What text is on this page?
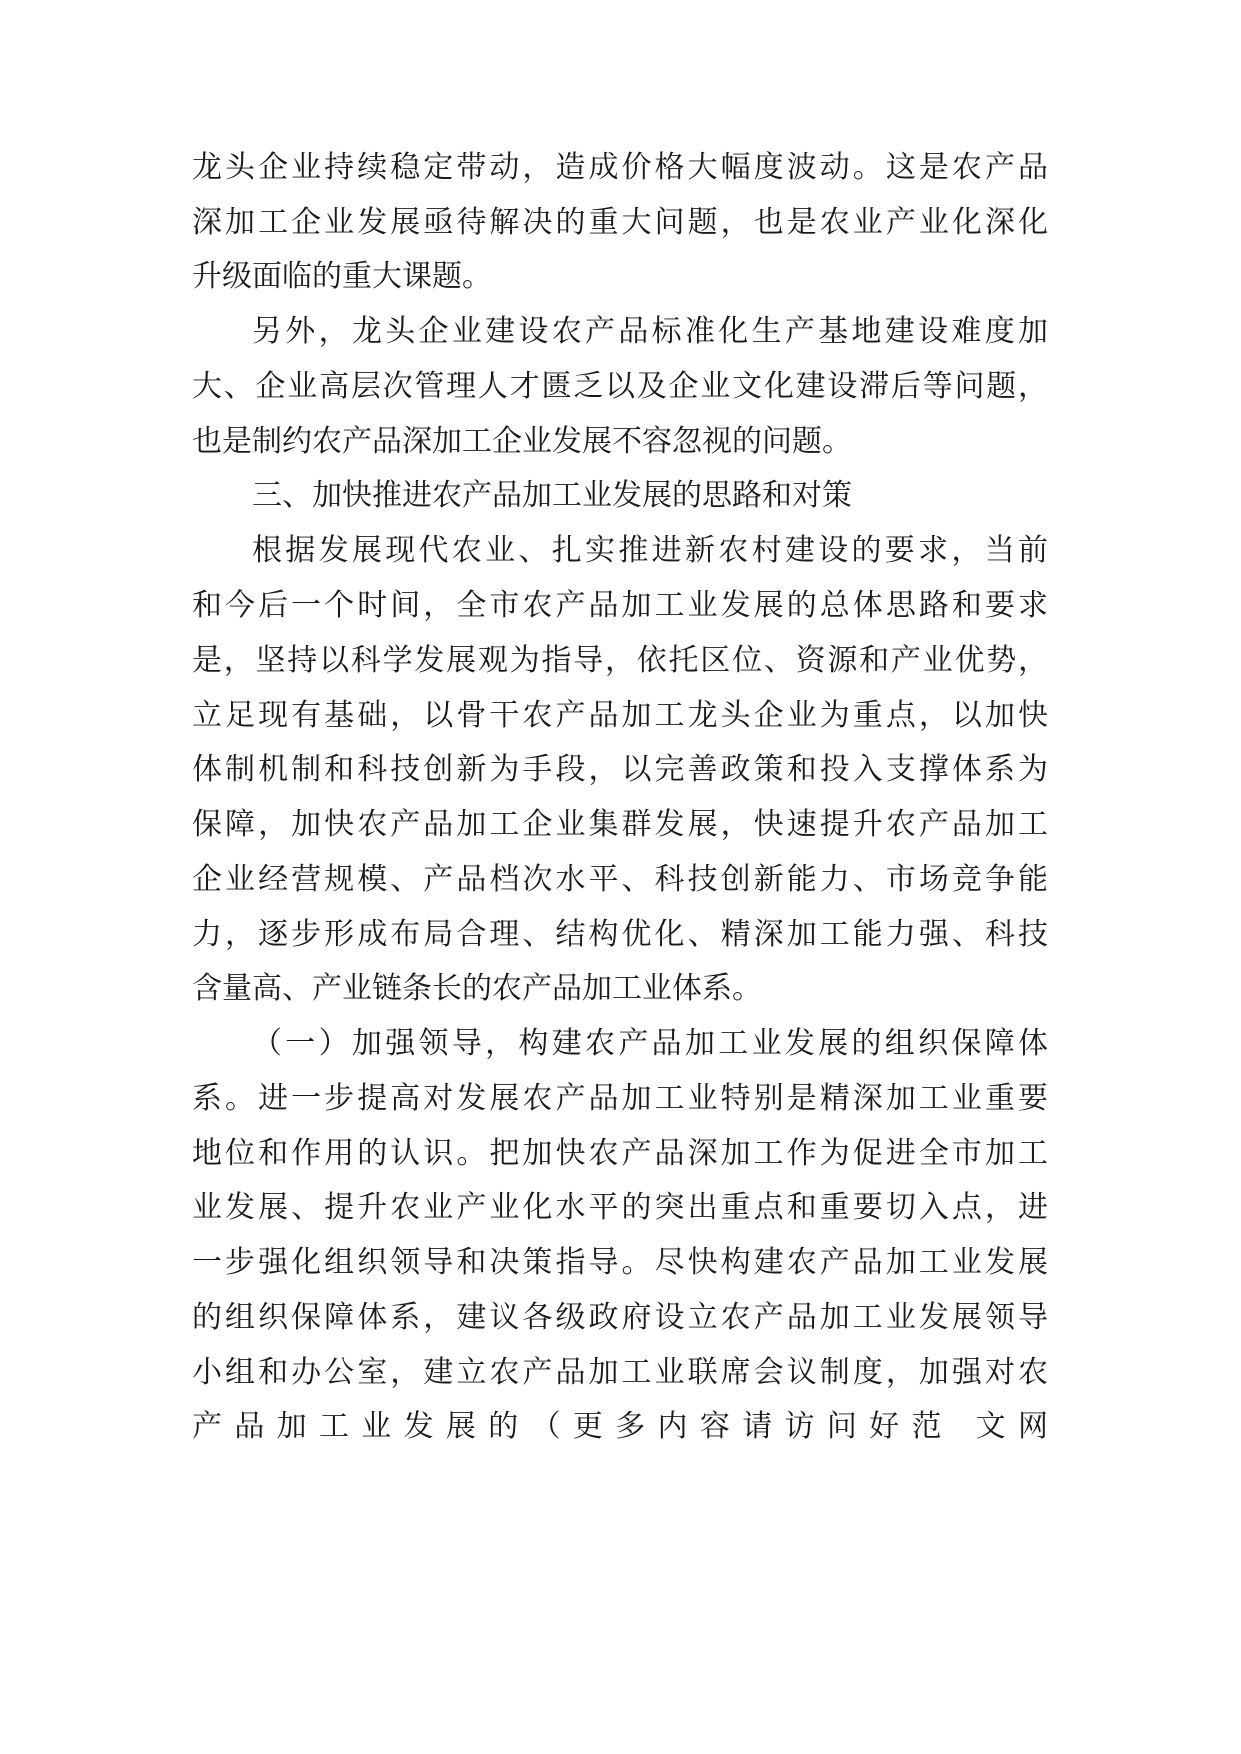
龙头企业持续稳定带动，造成价格大幅度波动。这是农产品
深加工企业发展亟待解决的重大问题，也是农业产业化深化
升级面临的重大课题。
另外，龙头企业建设农产品标准化生产基地建设难度加
大、企业高层次管理人才匮乏以及企业文化建设滞后等问题，
也是制约农产品深加工企业发展不容忽视的问题。
三、加快推进农产品加工业发展的思路和对策
根据发展现代农业、扎实推进新农村建设的要求，当前
和今后一个时间，全市农产品加工业发展的总体思路和要求
是，坚持以科学发展观为指导，依托区位、资源和产业优势，
立足现有基础，以骨干农产品加工龙头企业为重点，以加快
体制机制和科技创新为手段，以完善政策和投入支撑体系为
保障，加快农产品加工企业集群发展，快速提升农产品加工
企业经营规模、产品档次水平、科技创新能力、市场竞争能
力，逐步形成布局合理、结构优化、精深加工能力强、科技
含量高、产业链条长的农产品加工业体系。
（一）加强领导，构建农产品加工业发展的组织保障体
系。进一步提高对发展农产品加工业特别是精深加工业重要
地位和作用的认识。把加快农产品深加工作为促进全市加工
业发展、提升农业产业化水平的突出重点和重要切入点，进
一步强化组织领导和决策指导。尽快构建农产品加工业发展
的组织保障体系，建议各级政府设立农产品加工业发展领导
小组和办公室，建立农产品加工业联席会议制度，加强对农
产品加工业发展的（更多内容请访问好范 文网
